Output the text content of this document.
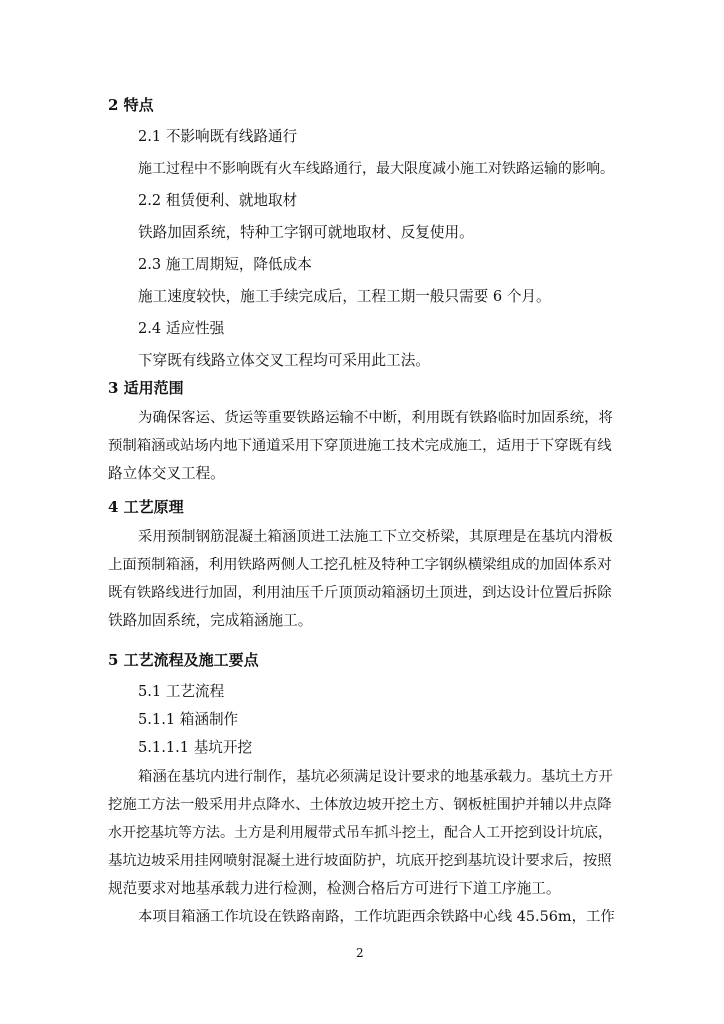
2 特点
2.1 不影响既有线路通行
施工过程中不影响既有火车线路通行，最大限度减小施工对铁路运输的影响。
2.2 租赁便利、就地取材
铁路加固系统，特种工字钢可就地取材、反复使用。
2.3 施工周期短，降低成本
施工速度较快，施工手续完成后，工程工期一般只需要 6 个月。
2.4 适应性强
下穿既有线路立体交叉工程均可采用此工法。
3 适用范围
为确保客运、货运等重要铁路运输不中断，利用既有铁路临时加固系统，将
预制箱涵或站场内地下通道采用下穿顶进施工技术完成施工，适用于下穿既有线
路立体交叉工程。
4 工艺原理
采用预制钢筋混凝土箱涵顶进工法施工下立交桥梁，其原理是在基坑内滑板
上面预制箱涵，利用铁路两侧人工挖孔桩及特种工字钢纵横梁组成的加固体系对
既有铁路线进行加固，利用油压千斤顶顶动箱涵切土顶进，到达设计位置后拆除
铁路加固系统，完成箱涵施工。
5 工艺流程及施工要点
5.1 工艺流程
5.1.1 箱涵制作
5.1.1.1 基坑开挖
箱涵在基坑内进行制作，基坑必须满足设计要求的地基承载力。基坑土方开
挖施工方法一般采用井点降水、土体放边坡开挖土方、钢板桩围护并辅以井点降
水开挖基坑等方法。土方是利用履带式吊车抓斗挖土，配合人工开挖到设计坑底，
基坑边坡采用挂网喷射混凝土进行坡面防护，坑底开挖到基坑设计要求后，按照
规范要求对地基承载力进行检测，检测合格后方可进行下道工序施工。
本项目箱涵工作坑设在铁路南路，工作坑距西余铁路中心线 45.56m，工作
2
